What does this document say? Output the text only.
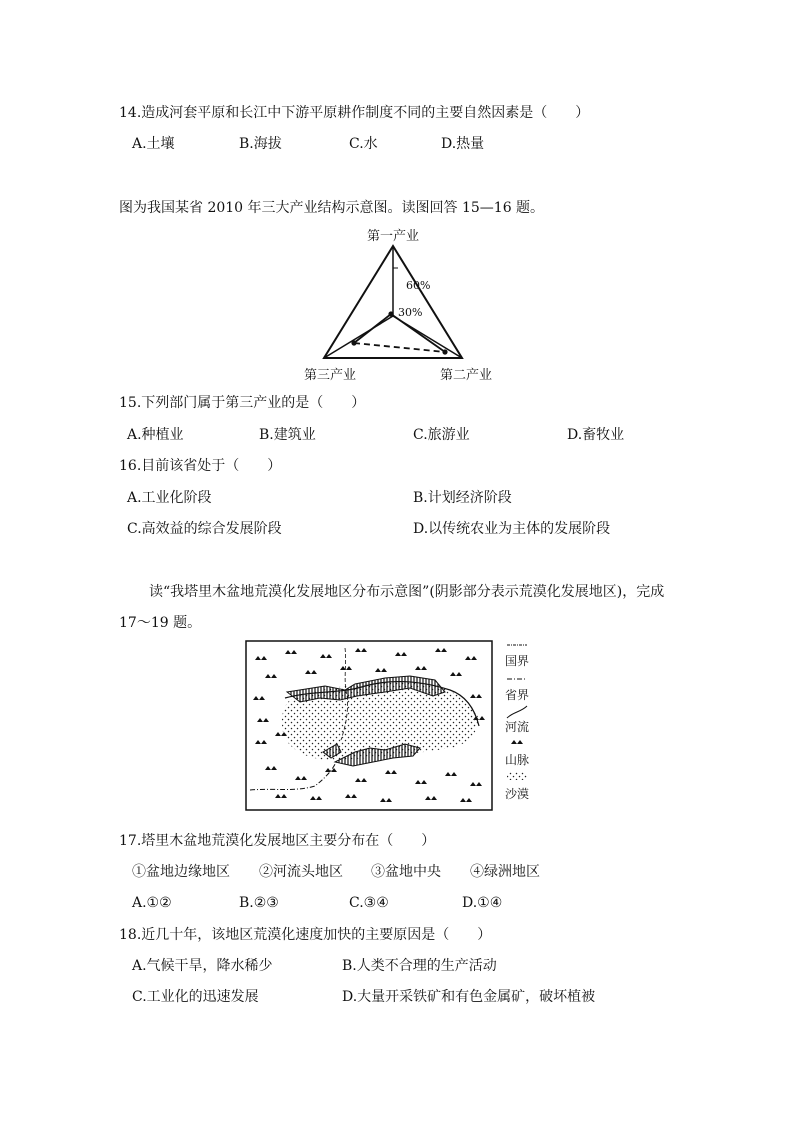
14.造成河套平原和长江中下游平原耕作制度不同的主要自然因素是（　　）
A.土壤	B.海拔	C.水	D.热量
图为我国某省 2010 年三大产业结构示意图。读图回答 15—16 题。
第一产业
60%
30%
第三产业	第二产业
15.下列部门属于第三产业的是（　　）
A.种植业	B.建筑业	C.旅游业	D.畜牧业
16.目前该省处于（　　）
A.工业化阶段	B.计划经济阶段
C.高效益的综合发展阶段	D.以传统农业为主体的发展阶段
读“我塔里木盆地荒漠化发展地区分布示意图”(阴影部分表示荒漠化发展地区)，完成
17～19 题。
国界
省界
河流
山脉
沙漠
17.塔里木盆地荒漠化发展地区主要分布在（　　）
①盆地边缘地区 ②河流头地区 ③盆地中央 ④绿洲地区
A.①②	B.②③	C.③④	D.①④
18.近几十年，该地区荒漠化速度加快的主要原因是（　　）
A.气候干旱，降水稀少	B.人类不合理的生产活动
C.工业化的迅速发展	D.大量开采铁矿和有色金属矿，破坏植被
